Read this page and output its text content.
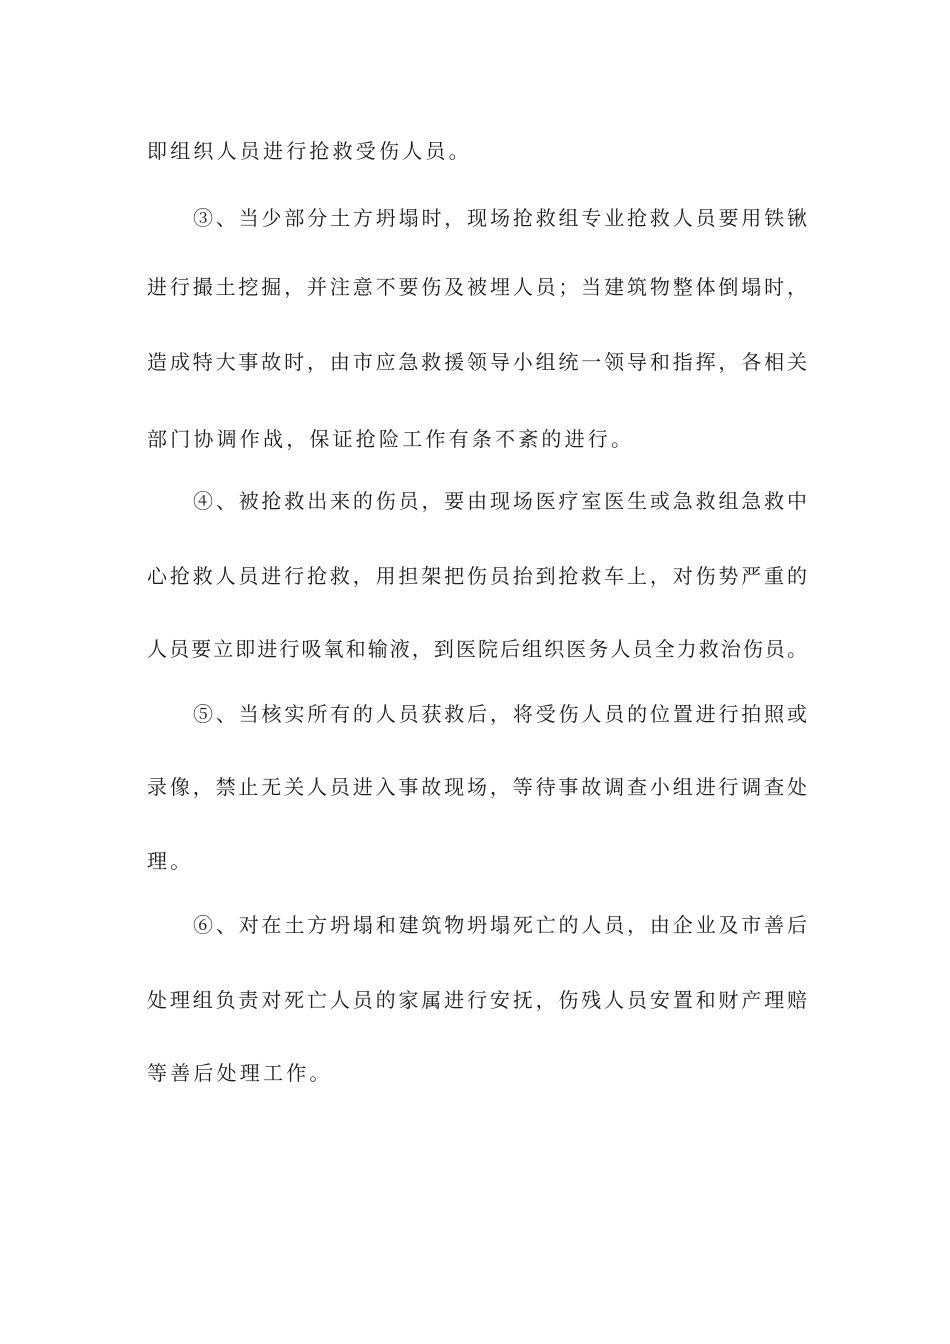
即组织人员进行抢救受伤人员。
③、当少部分土方坍塌时，现场抢救组专业抢救人员要用铁锹
进行撮土挖掘，并注意不要伤及被埋人员；当建筑物整体倒塌时，
造成特大事故时，由市应急救援领导小组统一领导和指挥，各相关
部门协调作战，保证抢险工作有条不紊的进行。
④、被抢救出来的伤员，要由现场医疗室医生或急救组急救中
心抢救人员进行抢救，用担架把伤员抬到抢救车上，对伤势严重的
人员要立即进行吸氧和输液，到医院后组织医务人员全力救治伤员。
⑤、当核实所有的人员获救后，将受伤人员的位置进行拍照或
录像，禁止无关人员进入事故现场，等待事故调查小组进行调查处
理。
⑥、对在土方坍塌和建筑物坍塌死亡的人员，由企业及市善后
处理组负责对死亡人员的家属进行安抚，伤残人员安置和财产理赔
等善后处理工作。
